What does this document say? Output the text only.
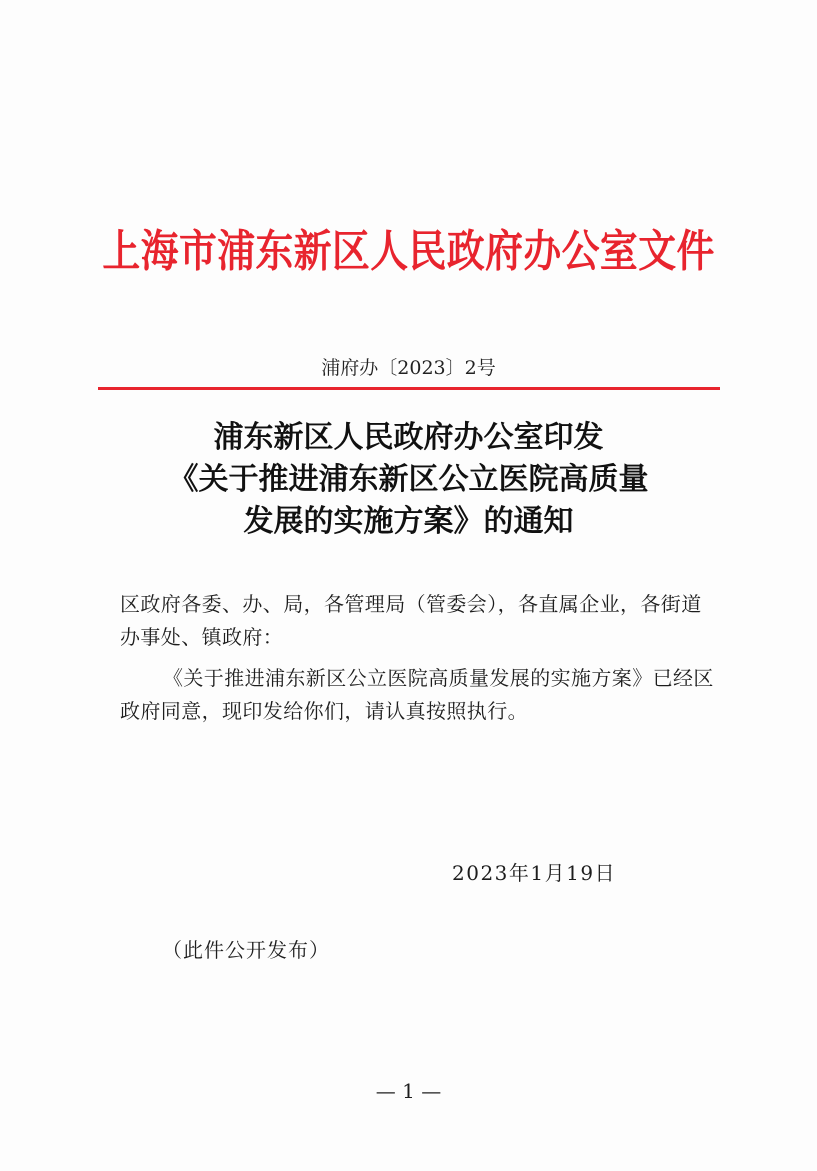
上海市浦东新区人民政府办公室文件
浦府办〔2023〕2号
浦东新区人民政府办公室印发
《关于推进浦东新区公立医院高质量
发展的实施方案》的通知
区政府各委、办、局，各管理局（管委会），各直属企业，各街道办事处、镇政府：
《关于推进浦东新区公立医院高质量发展的实施方案》已经区政府同意，现印发给你们，请认真按照执行。
2023年1月19日
（此件公开发布）
— 1 —
